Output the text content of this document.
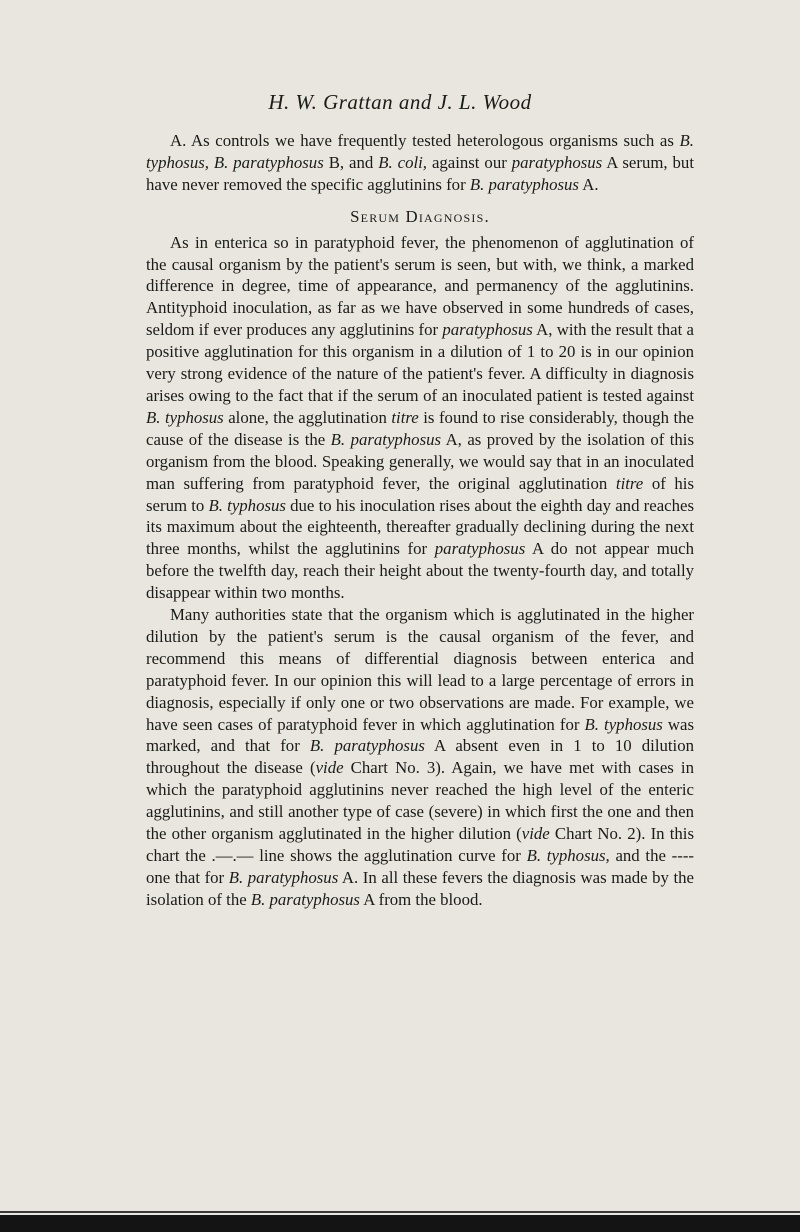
H. W. Grattan and J. L. Wood

A. As controls we have frequently tested heterologous organisms such as B. typhosus, B. paratyphosus B, and B. coli, against our paratyphosus A serum, but have never removed the specific agglutinins for B. paratyphosus A.

Serum Diagnosis.

As in enterica so in paratyphoid fever, the phenomenon of agglutination of the causal organism by the patient's serum is seen, but with, we think, a marked difference in degree, time of appearance, and permanency of the agglutinins. Antityphoid inoculation, as far as we have observed in some hundreds of cases, seldom if ever produces any agglutinins for paratyphosus A, with the result that a positive agglutination for this organism in a dilution of 1 to 20 is in our opinion very strong evidence of the nature of the patient's fever. A difficulty in diagnosis arises owing to the fact that if the serum of an inoculated patient is tested against B. typhosus alone, the agglutination titre is found to rise considerably, though the cause of the disease is the B. paratyphosus A, as proved by the isolation of this organism from the blood. Speaking generally, we would say that in an inoculated man suffering from paratyphoid fever, the original agglutination titre of his serum to B. typhosus due to his inoculation rises about the eighth day and reaches its maximum about the eighteenth, thereafter gradually declining during the next three months, whilst the agglutinins for paratyphosus A do not appear much before the twelfth day, reach their height about the twenty-fourth day, and totally disappear within two months.

Many authorities state that the organism which is agglutinated in the higher dilution by the patient's serum is the causal organism of the fever, and recommend this means of differential diagnosis between enterica and paratyphoid fever. In our opinion this will lead to a large percentage of errors in diagnosis, especially if only one or two observations are made. For example, we have seen cases of paratyphoid fever in which agglutination for B. typhosus was marked, and that for B. paratyphosus A absent even in 1 to 10 dilution throughout the disease (vide Chart No. 3). Again, we have met with cases in which the paratyphoid agglutinins never reached the high level of the enteric agglutinins, and still another type of case (severe) in which first the one and then the other organism agglutinated in the higher dilution (vide Chart No. 2). In this chart the .—.— line shows the agglutination curve for B. typhosus, and the ---- one that for B. paratyphosus A. In all these fevers the diagnosis was made by the isolation of the B. paratyphosus A from the blood.
